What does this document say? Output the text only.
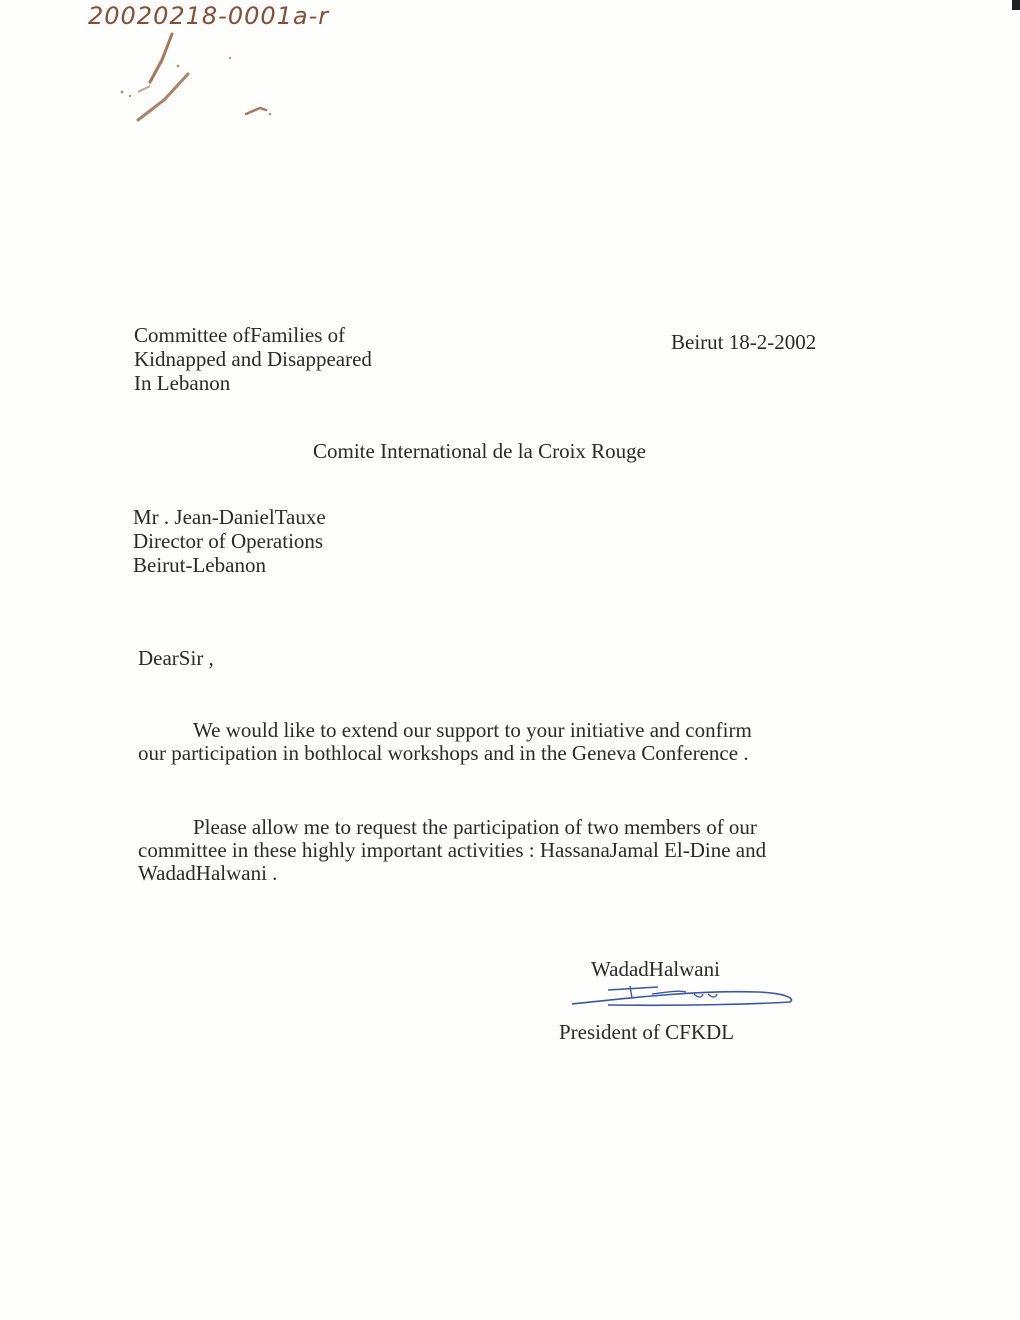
20020218-0001a-r
Committee ofFamilies of
Kidnapped and Disappeared
In Lebanon
Beirut 18-2-2002
Comite International de la Croix Rouge
Mr . Jean-DanielTauxe
Director of Operations
Beirut-Lebanon
DearSir ,
We would like to extend our support to your initiative and confirm
our participation in bothlocal workshops and in the Geneva Conference .
Please allow me to request the participation of two members of our
committee in these highly important activities : HassanaJamal El-Dine and
WadadHalwani .
WadadHalwani
President of CFKDL
